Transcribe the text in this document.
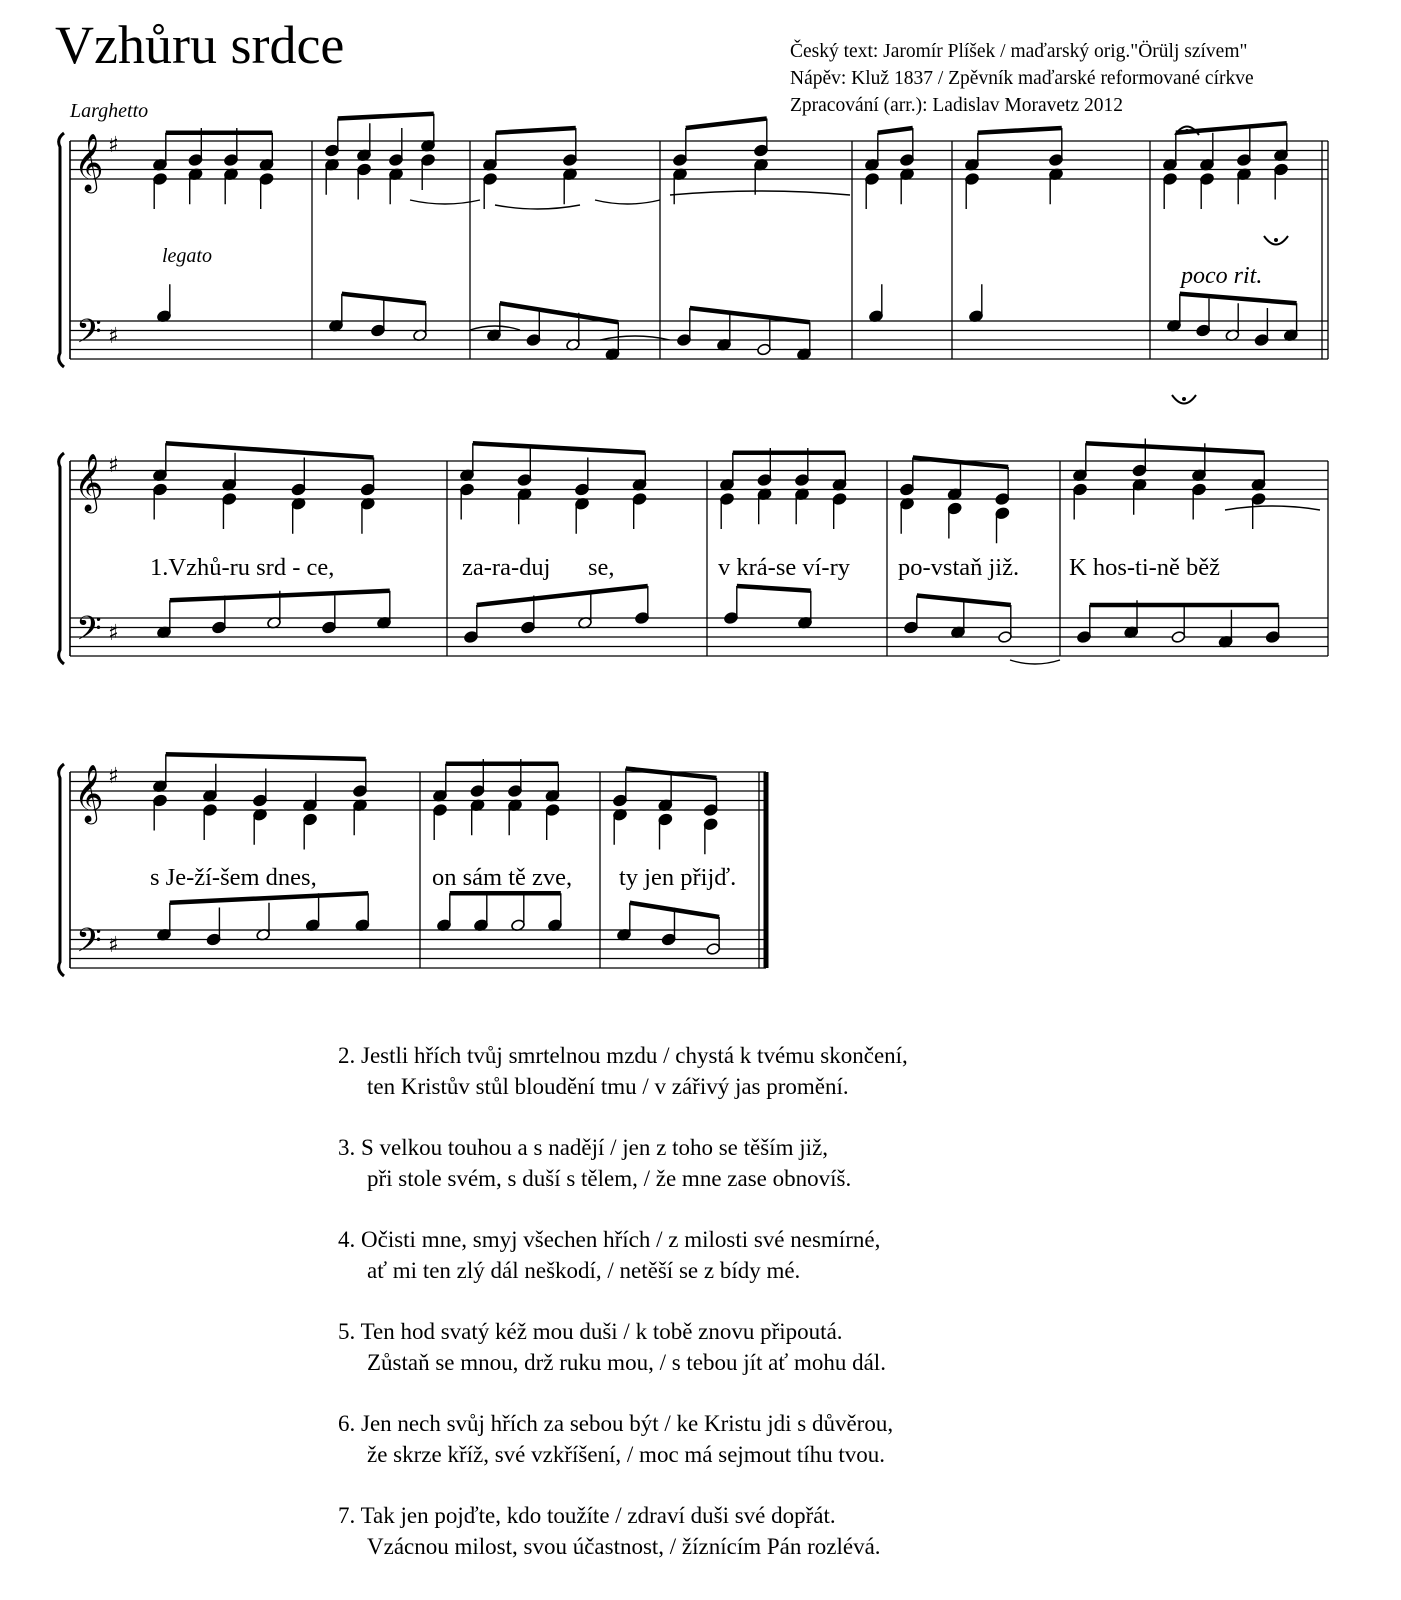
Vzhůru srdce	Český text: Jaromír Plíšek / maďarský orig."Örülj szívem"
Nápěv: Kluž 1837 / Zpěvník maďarské reformované církve
Zpracování (arr.): Ladislav Moravetz 2012
Larghetto
legato
poco rit.
𝄞
𝄢
♯
♯
𝄞
𝄢
♯
♯
𝄞
𝄢
♯
♯
1.Vzhů-ru srd - ce,	za-ra-duj se,	v krá-se ví-ry po-vstaň již. K hos-ti-ně běž
s Je-ží-šem dnes,	on sám tě zve, ty jen přijď.
2. Jestli hřích tvůj smrtelnou mzdu / chystá k tvému skončení,
ten Kristův stůl bloudění tmu / v zářivý jas promění.
3. S velkou touhou a s nadějí / jen z toho se těším již,
při stole svém, s duší s tělem, / že mne zase obnovíš.
4. Očisti mne, smyj všechen hřích / z milosti své nesmírné,
ať mi ten zlý dál neškodí, / netěší se z bídy mé.
5. Ten hod svatý kéž mou duši / k tobě znovu připoutá.
Zůstaň se mnou, drž ruku mou, / s tebou jít ať mohu dál.
6. Jen nech svůj hřích za sebou být / ke Kristu jdi s důvěrou,
že skrze kříž, své vzkříšení, / moc má sejmout tíhu tvou.
7. Tak jen pojďte, kdo toužíte / zdraví duši své dopřát.
Vzácnou milost, svou účastnost, / žíznícím Pán rozlévá.
